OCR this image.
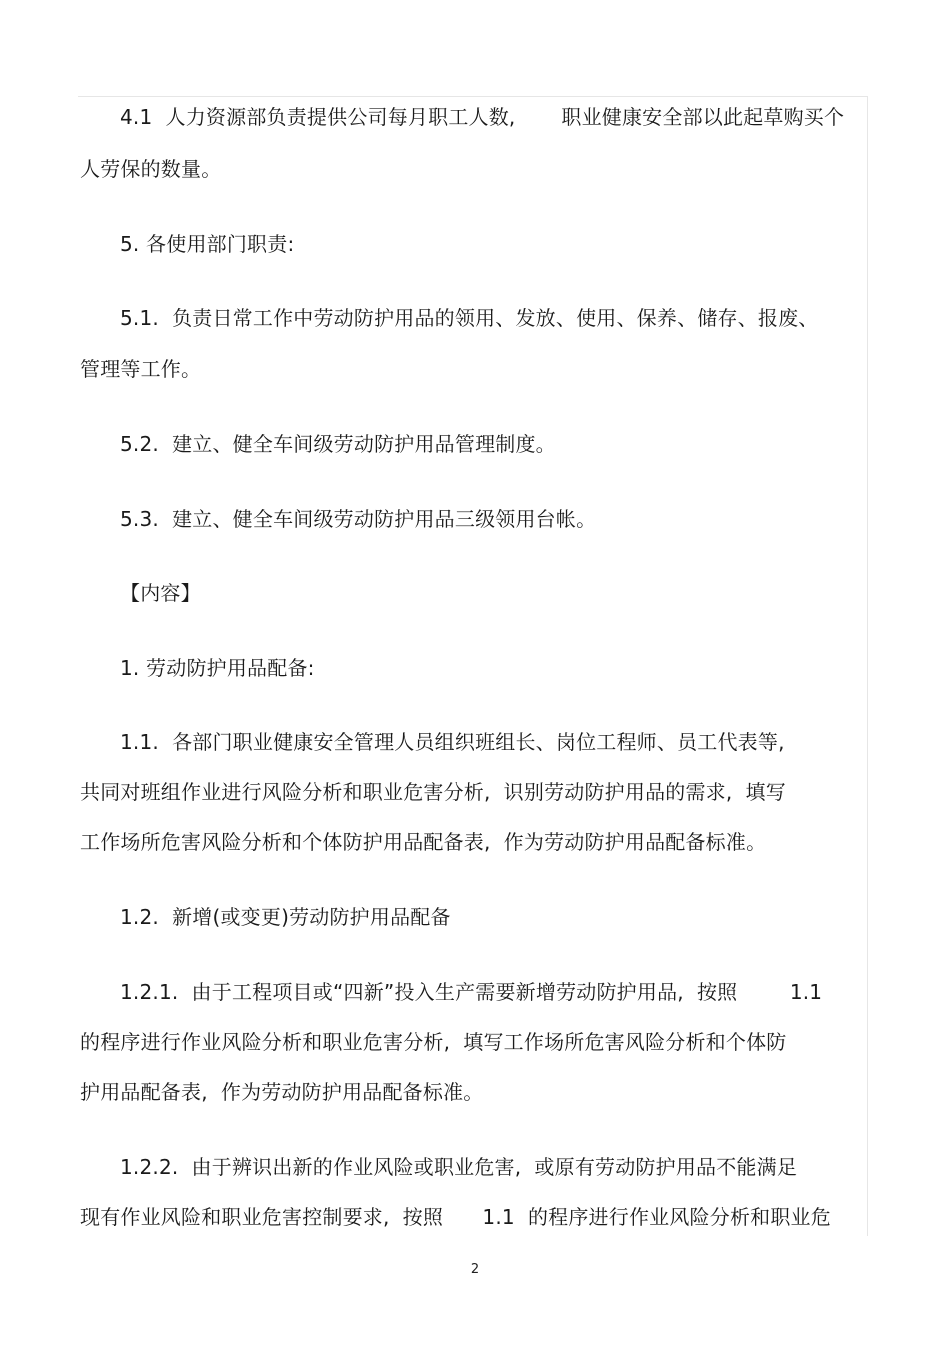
4.1  人力资源部负责提供公司每月职工人数,       职业健康安全部以此起草购买个
人劳保的数量。
5. 各使用部门职责:
5.1.  负责日常工作中劳动防护用品的领用、发放、使用、保养、储存、报废、
管理等工作。
5.2.  建立、健全车间级劳动防护用品管理制度。
5.3.  建立、健全车间级劳动防护用品三级领用台帐。
【内容】
1. 劳动防护用品配备:
1.1.  各部门职业健康安全管理人员组织班组长、岗位工程师、员工代表等,
共同对班组作业进行风险分析和职业危害分析,  识别劳动防护用品的需求,  填写
工作场所危害风险分析和个体防护用品配备表,  作为劳动防护用品配备标准。
1.2.  新增(或变更)劳动防护用品配备
1.2.1.  由于工程项目或“四新”投入生产需要新增劳动防护用品,  按照        1.1
的程序进行作业风险分析和职业危害分析,  填写工作场所危害风险分析和个体防
护用品配备表,  作为劳动防护用品配备标准。
1.2.2.  由于辨识出新的作业风险或职业危害,  或原有劳动防护用品不能满足
现有作业风险和职业危害控制要求,  按照      1.1  的程序进行作业风险分析和职业危
2
